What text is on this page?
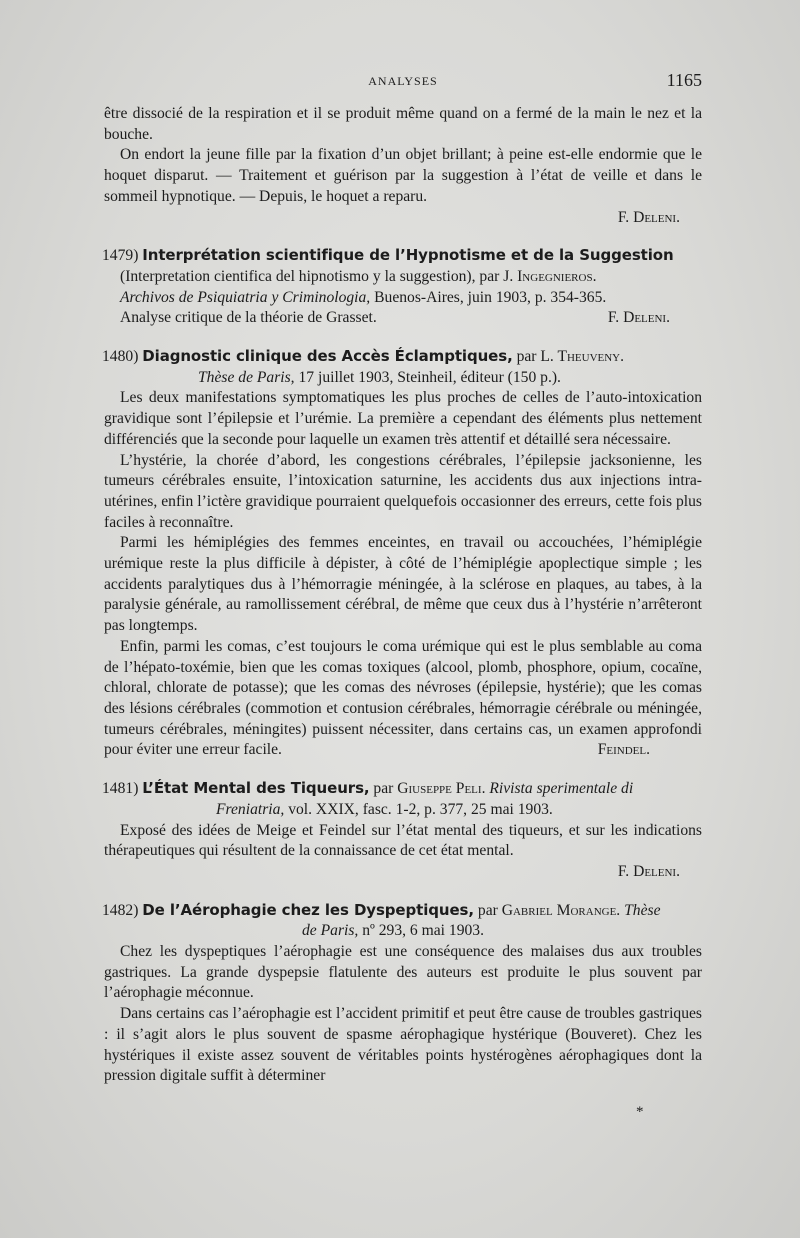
ANALYSES	1165

être dissocié de la respiration et il se produit même quand on a fermé de la main le nez et la bouche.

On endort la jeune fille par la fixation d’un objet brillant; à peine est-elle endormie que le hoquet disparut. — Traitement et guérison par la suggestion à l’état de veille et dans le sommeil hypnotique. — Depuis, le hoquet a reparu.

F. Deleni.

1479) Interprétation scientifique de l’Hypnotisme et de la Suggestion

(Interpretation cientifica del hipnotismo y la suggestion), par J. Ingegnieros.

Archivos de Psiquiatria y Criminologia, Buenos-Aires, juin 1903, p. 354-365.

Analyse critique de la théorie de Grasset.	F. Deleni.

1480) Diagnostic clinique des Accès Éclamptiques, par L. Theuveny.

Thèse de Paris, 17 juillet 1903, Steinheil, éditeur (150 p.).

Les deux manifestations symptomatiques les plus proches de celles de l’auto-intoxication gravidique sont l’épilepsie et l’urémie. La première a cependant des éléments plus nettement différenciés que la seconde pour laquelle un examen très attentif et détaillé sera nécessaire.

L’hystérie, la chorée d’abord, les congestions cérébrales, l’épilepsie jacksonienne, les tumeurs cérébrales ensuite, l’intoxication saturnine, les accidents dus aux injections intra-utérines, enfin l’ictère gravidique pourraient quelquefois occasionner des erreurs, cette fois plus faciles à reconnaître.

Parmi les hémiplégies des femmes enceintes, en travail ou accouchées, l’hémiplégie urémique reste la plus difficile à dépister, à côté de l’hémiplégie apoplectique simple ; les accidents paralytiques dus à l’hémorragie méningée, à la sclérose en plaques, au tabes, à la paralysie générale, au ramollissement cérébral, de même que ceux dus à l’hystérie n’arrêteront pas longtemps.

Enfin, parmi les comas, c’est toujours le coma urémique qui est le plus semblable au coma de l’hépato-toxémie, bien que les comas toxiques (alcool, plomb, phosphore, opium, cocaïne, chloral, chlorate de potasse); que les comas des névroses (épilepsie, hystérie); que les comas des lésions cérébrales (commotion et contusion cérébrales, hémorragie cérébrale ou méningée, tumeurs cérébrales, méningites) puissent nécessiter, dans certains cas, un examen approfondi pour éviter une erreur facile.	Feindel.

1481) L’État Mental des Tiqueurs, par Giuseppe Peli. Rivista sperimentale di

Freniatria, vol. XXIX, fasc. 1-2, p. 377, 25 mai 1903.

Exposé des idées de Meige et Feindel sur l’état mental des tiqueurs, et sur les indications thérapeutiques qui résultent de la connaissance de cet état mental.

F. Deleni.

1482) De l’Aérophagie chez les Dyspeptiques, par Gabriel Morange. Thèse

de Paris, nº 293, 6 mai 1903.

Chez les dyspeptiques l’aérophagie est une conséquence des malaises dus aux troubles gastriques. La grande dyspepsie flatulente des auteurs est produite le plus souvent par l’aérophagie méconnue.

Dans certains cas l’aérophagie est l’accident primitif et peut être cause de troubles gastriques : il s’agit alors le plus souvent de spasme aérophagique hystérique (Bouveret). Chez les hystériques il existe assez souvent de véritables points hystérogènes aérophagiques dont la pression digitale suffit à déterminer

*
